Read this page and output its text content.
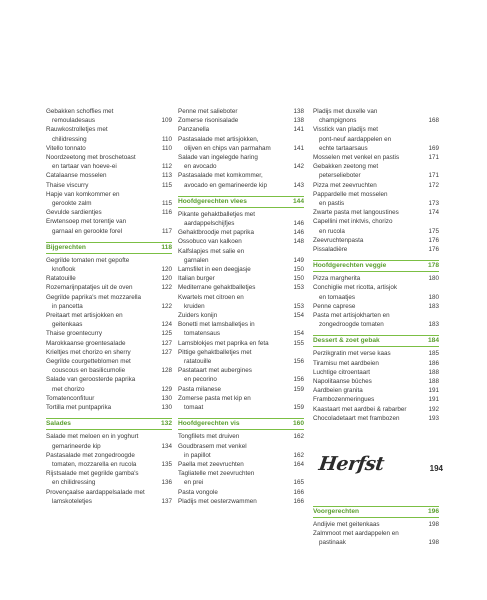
Gebakken schoffies met
remouladesaus	109
Rauwkostrolletjes met
chilidressing	110
Vitello tonnato	110
Noordzeetong met broschetoast
en tartaar van hoeve-ei	112
Catalaanse mosselen	113
Thaise viscurry	115
Hapje van komkommer en
gerookte zalm	115
Gevulde sardientjes	116
Erwtensoep met torentje van
garnaal en gerookte forel	117
Bijgerechten	118
Gegrilde tomaten met gepofte
knoflook	120
Ratatouille	120
Rozemarijnpatatjes uit de oven	122
Gegrilde paprika's met mozzarella
in pancetta	122
Preitaart met artisjokken en
geitenkaas	124
Thaise groentecurry	125
Marokkaanse groentesalade	127
Krieltjes met chorizo en sherry	127
Gegrilde courgetteblomen met
couscous en basilicumolie	128
Salade van geroosterde paprika
met chorizo	129
Tomatenconfituur	130
Tortilla met puntpaprika	130
Salades	132
Salade met meloen en in yoghurt
gemarineerde kip	134
Pastasalade met zongedroogde
tomaten, mozzarella en rucola	135
Rijstsalade met gegrilde gamba's
en chilidressing	136
Provençaalse aardappelsalade met
lamskoteletjes	137
Penne met salieboter	138
Zomerse risonisalade	138
Panzanella	141
Pastasalade met artisjokken,
olijven en chips van parmaham	141
Salade van ingelegde haring
en avocado	142
Pastasalade met komkommer,
avocado en gemarineerde kip	143
Hoofdgerechten vlees	144
Pikante gehaktballetjes met
aardappelschijfjes	146
Gehaktbroodje met paprika	146
Ossobuco van kalkoen	148
Kalfslapjes met salie en
garnalen	149
Lamsfilet in een deegjasje	150
Italian burger	150
Mediterrane gehaktballetjes	153
Kwartels met citroen en
kruiden	153
Zuiders konijn	154
Bonetti met lamsballetjes in
tomatensaus	154
Lamsblokjes met paprika en feta	155
Pittige gehaktballetjes met
ratatouille	156
Pastataart met aubergines
en pecorino	156
Pasta milanese	159
Zomerse pasta met kip en
tomaat	159
Hoofdgerechten vis	160
Tongfilets met druiven	162
Goudbrasem met venkel
in papillot	162
Paella met zeevruchten	164
Tagliatelle met zeevruchten
en prei	165
Pasta vongole	166
Pladijs met oesterzwammen	166
Pladijs met duxelle van
champignons	168
Visstick van pladijs met
pont-neuf aardappelen en
echte tartaarsaus	169
Mosselen met venkel en pastis	171
Gebakken zeetong met
peterselieboter	171
Pizza met zeevruchten	172
Pappardelle met mosselen
en pastis	173
Zwarte pasta met langoustines	174
Capellini met inktvis, chorizo
en rucola	175
Zeevruchtenpasta	176
Pissaladière	176
Hoofdgerechten veggie	178
Pizza margherita	180
Conchiglie met ricotta, artisjok
en tomaatjes	180
Penne caprese	183
Pasta met artisjokharten en
zongedroogde tomaten	183
Dessert & zoet gebak	184
Perzikgratin met verse kaas	185
Tiramisu met aardbeien	186
Luchtige citroentaart	188
Napolitaanse bûches	188
Aardbeien granita	191
Frambozenmeringues	191
Kaastaart met aardbei & rabarber	192
Chocoladetaart met frambozen	193
Herfst	194
Voorgerechten	196
Andijvie met geitenkaas	198
Zalmmoot met aardappelen en
pastinaak	198
